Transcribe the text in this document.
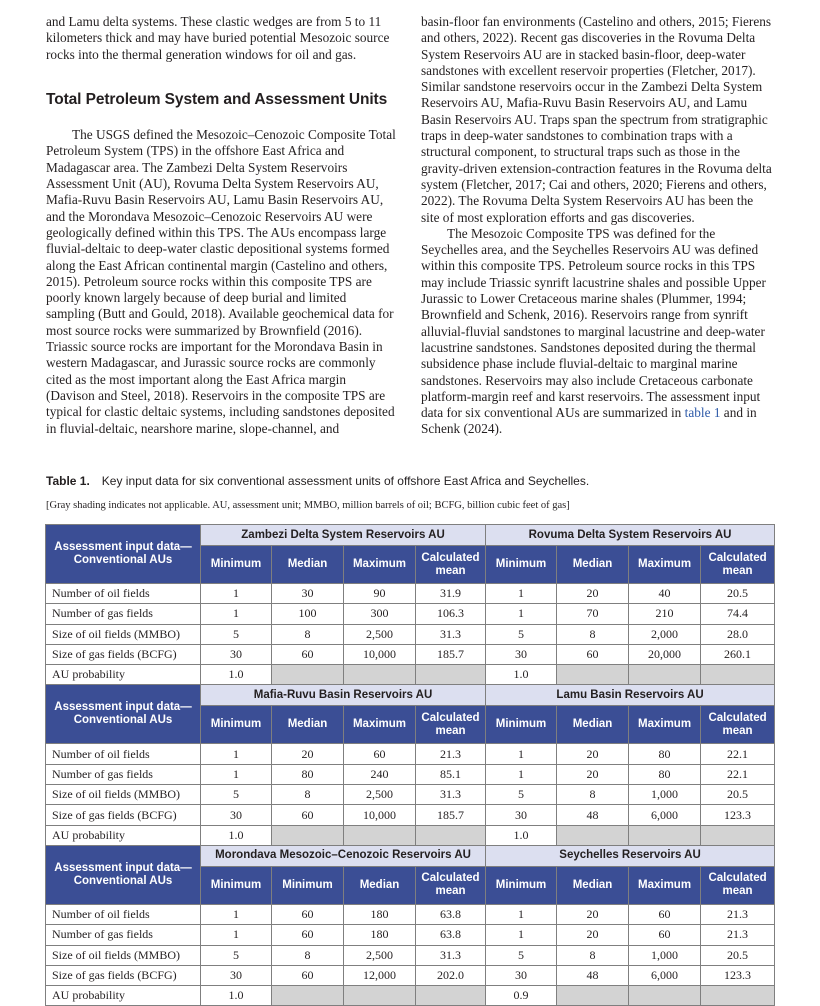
and Lamu delta systems. These clastic wedges are from 5 to 11 kilometers thick and may have buried potential Mesozoic source rocks into the thermal generation windows for oil and gas.

Total Petroleum System and Assessment Units

The USGS defined the Mesozoic–Cenozoic Composite Total Petroleum System (TPS) in the offshore East Africa and Madagascar area. The Zambezi Delta System Reservoirs Assessment Unit (AU), Rovuma Delta System Reservoirs AU, Mafia-Ruvu Basin Reservoirs AU, Lamu Basin Reservoirs AU, and the Morondava Mesozoic–Cenozoic Reservoirs AU were geologically defined within this TPS. The AUs encompass large fluvial-deltaic to deep-water clastic depositional systems formed along the East African continental margin (Castelino and others, 2015). Petroleum source rocks within this composite TPS are poorly known largely because of deep burial and limited sampling (Butt and Gould, 2018). Available geochemical data for most source rocks were summarized by Brownfield (2016). Triassic source rocks are important for the Morondava Basin in western Madagascar, and Jurassic source rocks are commonly cited as the most important along the East Africa margin (Davison and Steel, 2018). Reservoirs in the composite TPS are typical for clastic deltaic systems, including sandstones deposited in fluvial-deltaic, nearshore marine, slope-channel, and

basin-floor fan environments (Castelino and others, 2015; Fierens and others, 2022). Recent gas discoveries in the Rovuma Delta System Reservoirs AU are in stacked basin-floor, deep-water sandstones with excellent reservoir properties (Fletcher, 2017). Similar sandstone reservoirs occur in the Zambezi Delta System Reservoirs AU, Mafia-Ruvu Basin Reservoirs AU, and Lamu Basin Reservoirs AU. Traps span the spectrum from stratigraphic traps in deep-water sandstones to combination traps with a structural component, to structural traps such as those in the gravity-driven extension-contraction features in the Rovuma delta system (Fletcher, 2017; Cai and others, 2020; Fierens and others, 2022). The Rovuma Delta System Reservoirs AU has been the site of most exploration efforts and gas discoveries.

The Mesozoic Composite TPS was defined for the Seychelles area, and the Seychelles Reservoirs AU was defined within this composite TPS. Petroleum source rocks in this TPS may include Triassic synrift lacustrine shales and possible Upper Jurassic to Lower Cretaceous marine shales (Plummer, 1994; Brownfield and Schenk, 2016). Reservoirs range from synrift alluvial-fluvial sandstones to marginal lacustrine and deep-water lacustrine sandstones. Sandstones deposited during the thermal subsidence phase include fluvial-deltaic to marginal marine sandstones. Reservoirs may also include Cretaceous carbonate platform-margin reef and karst reservoirs. The assessment input data for six conventional AUs are summarized in table 1 and in Schenk (2024).

Table 1. Key input data for six conventional assessment units of offshore East Africa and Seychelles.
[Gray shading indicates not applicable. AU, assessment unit; MMBO, million barrels of oil; BCFG, billion cubic feet of gas]
Assessment input data— Conventional AUs	Zambezi Delta System Reservoirs AU				Rovuma Delta System Reservoirs AU			
	Minimum	Median	Maximum	Calculated mean	Minimum	Median	Maximum	Calculated mean
Number of oil fields	1	30	90	31.9	1	20	40	20.5
Number of gas fields	1	100	300	106.3	1	70	210	74.4
Size of oil fields (MMBO)	5	8	2,500	31.3	5	8	2,000	28.0
Size of gas fields (BCFG)	30	60	10,000	185.7	30	60	20,000	260.1
AU probability	1.0				1.0			
Assessment input data— Conventional AUs	Mafia-Ruvu Basin Reservoirs AU				Lamu Basin Reservoirs AU			
	Minimum	Median	Maximum	Calculated mean	Minimum	Median	Maximum	Calculated mean
Number of oil fields	1	20	60	21.3	1	20	80	22.1
Number of gas fields	1	80	240	85.1	1	20	80	22.1
Size of oil fields (MMBO)	5	8	2,500	31.3	5	8	1,000	20.5
Size of gas fields (BCFG)	30	60	10,000	185.7	30	48	6,000	123.3
AU probability	1.0				1.0			
Assessment input data— Conventional AUs	Morondava Mesozoic–Cenozoic Reservoirs AU				Seychelles Reservoirs AU			
	Minimum	Minimum	Median	Calculated mean	Minimum	Median	Maximum	Calculated mean
Number of oil fields	1	60	180	63.8	1	20	60	21.3
Number of gas fields	1	60	180	63.8	1	20	60	21.3
Size of oil fields (MMBO)	5	8	2,500	31.3	5	8	1,000	20.5
Size of gas fields (BCFG)	30	60	12,000	202.0	30	48	6,000	123.3
AU probability	1.0				0.9			
